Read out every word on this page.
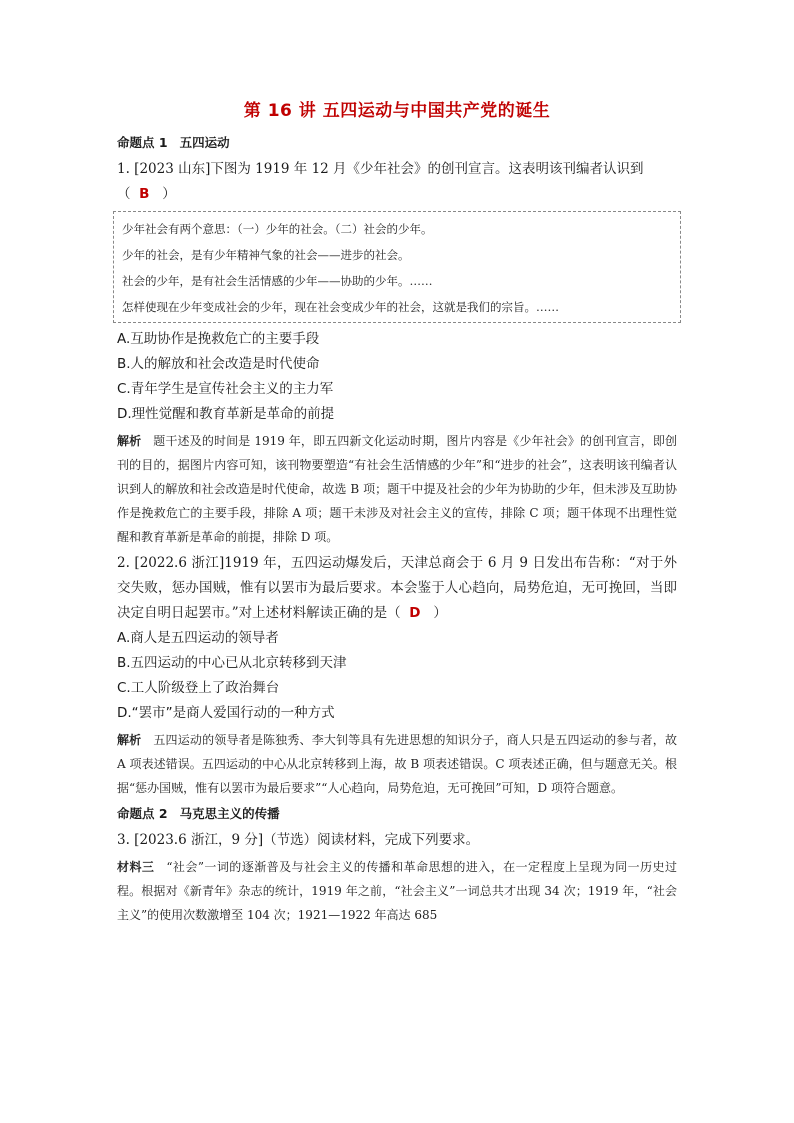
第 16 讲 五四运动与中国共产党的诞生
命题点 1 五四运动

1. [2023 山东]下图为 1919 年 12 月《少年社会》的创刊宣言。这表明该刊编者认识到
（ B ）

少年社会有两个意思：（一）少年的社会。（二）社会的少年。
少年的社会，是有少年精神气象的社会——进步的社会。
社会的少年，是有社会生活情感的少年——协助的少年。……
怎样使现在少年变成社会的少年，现在社会变成少年的社会，这就是我们的宗旨。……

A.互助协作是挽救危亡的主要手段

B.人的解放和社会改造是时代使命

C.青年学生是宣传社会主义的主力军

D.理性觉醒和教育革新是革命的前提

解析 题干述及的时间是 1919 年，即五四新文化运动时期，图片内容是《少年社会》的创刊宣言，即创刊的目的，据图片内容可知，该刊物要塑造“有社会生活情感的少年”和“进步的社会”，这表明该刊编者认识到人的解放和社会改造是时代使命，故选 B 项；题干中提及社会的少年为协助的少年，但未涉及互助协作是挽救危亡的主要手段，排除 A 项；题干未涉及对社会主义的宣传，排除 C 项；题干体现不出理性觉醒和教育革新是革命的前提，排除 D 项。

2. [2022.6 浙江]1919 年，五四运动爆发后，天津总商会于 6 月 9 日发出布告称：“对于外交失败，惩办国贼，惟有以罢市为最后要求。本会鉴于人心趋向，局势危迫，无可挽回，当即决定自明日起罢市。”对上述材料解读正确的是（ D ）

A.商人是五四运动的领导者

B.五四运动的中心已从北京转移到天津

C.工人阶级登上了政治舞台

D.“罢市”是商人爱国行动的一种方式

解析 五四运动的领导者是陈独秀、李大钊等具有先进思想的知识分子，商人只是五四运动的参与者，故 A 项表述错误。五四运动的中心从北京转移到上海，故 B 项表述错误。C 项表述正确，但与题意无关。根据“惩办国贼，惟有以罢市为最后要求”“人心趋向，局势危迫，无可挽回”可知，D 项符合题意。

命题点 2 马克思主义的传播

3. [2023.6 浙江，9 分]（节选）阅读材料，完成下列要求。

材料三 “社会”一词的逐渐普及与社会主义的传播和革命思想的进入，在一定程度上呈现为同一历史过程。根据对《新青年》杂志的统计，1919 年之前，“社会主义”一词总共才出现 34 次；1919 年，“社会主义”的使用次数激增至 104 次；1921—1922 年高达 685
